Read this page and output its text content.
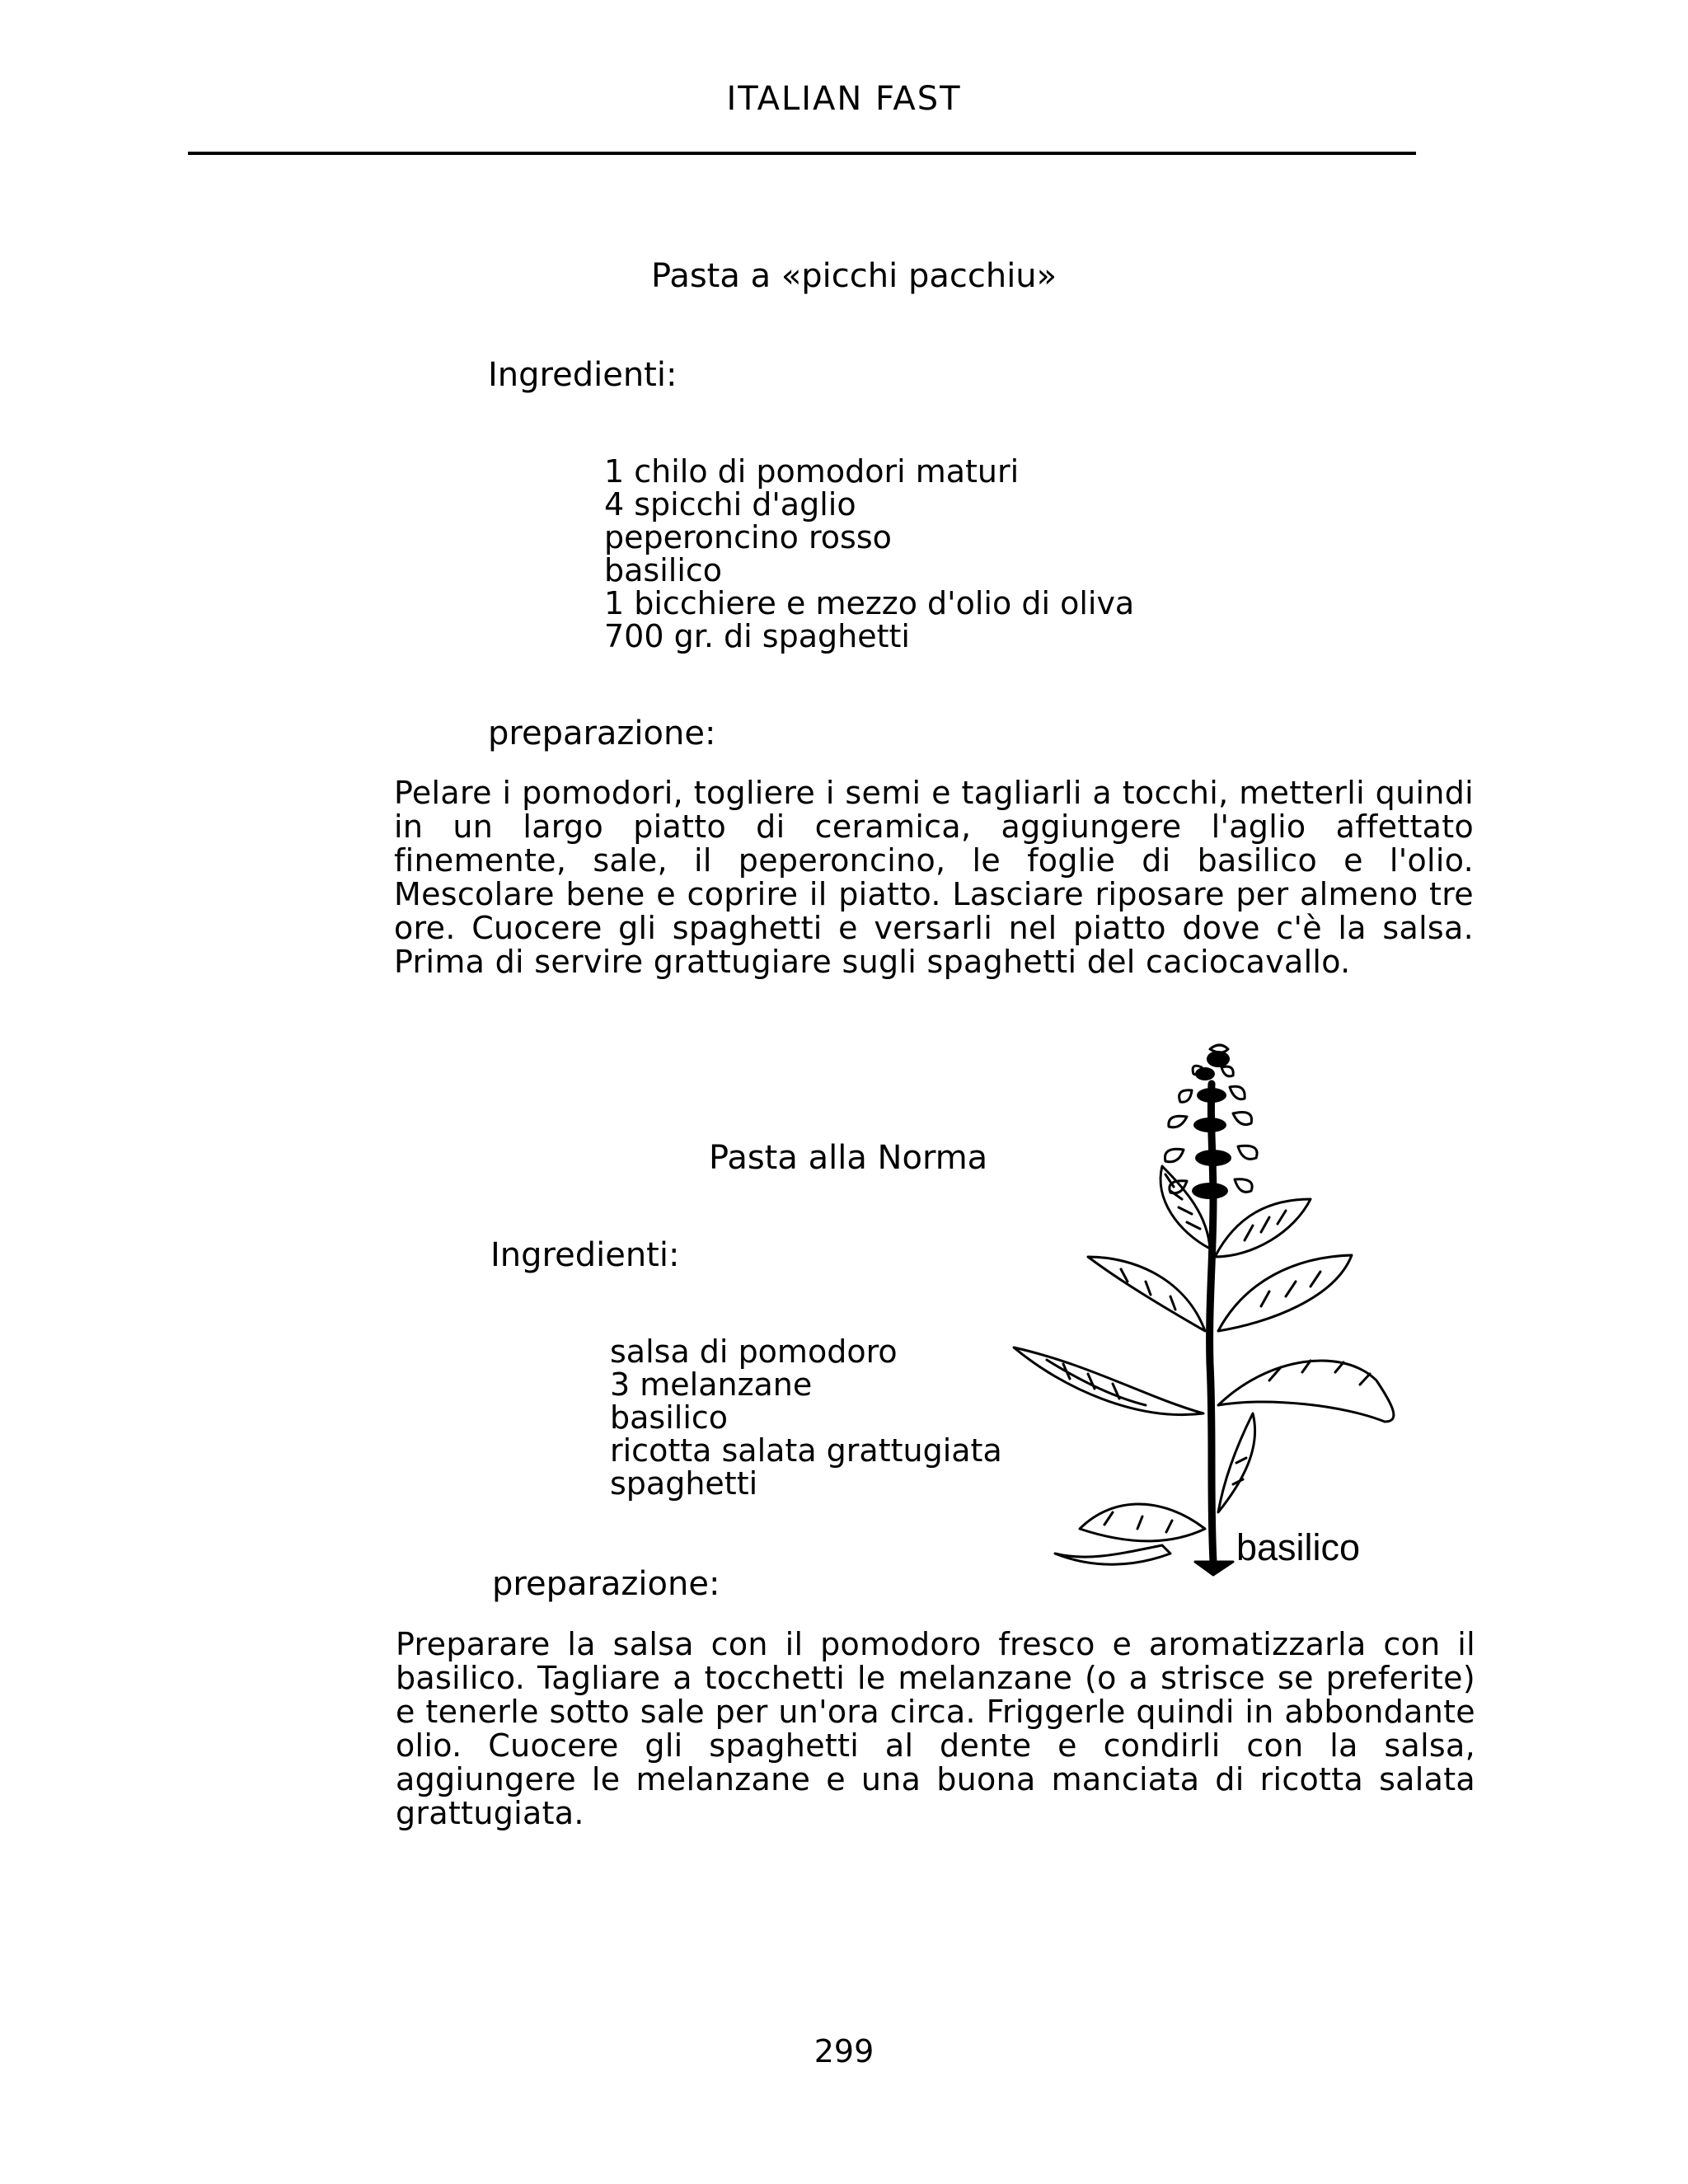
ITALIAN FAST
Pasta a «picchi pacchiu»
Ingredienti:
1 chilo di pomodori maturi
4 spicchi d'aglio
peperoncino rosso
basilico
1 bicchiere e mezzo d'olio di oliva
700 gr. di spaghetti
preparazione:

Pelare i pomodori, togliere i semi e tagliarli a tocchi, metterli quindi in un largo piatto di ceramica, aggiungere l'aglio affettato finemente, sale, il peperoncino, le foglie di basilico e l'olio. Mescolare bene e coprire il piatto. Lasciare riposare per almeno tre ore. Cuocere gli spaghetti e versarli nel piatto dove c'è la salsa. Prima di servire grattugiare sugli spaghetti del caciocavallo.

Pasta alla Norma
Ingredienti:
salsa di pomodoro
3 melanzane
basilico
ricotta salata grattugiata
spaghetti
basilico
preparazione:

Preparare la salsa con il pomodoro fresco e aromatizzarla con il basilico. Tagliare a tocchetti le melanzane (o a strisce se preferite) e tenerle sotto sale per un'ora circa. Friggerle quindi in abbondante olio. Cuocere gli spaghetti al dente e condirli con la salsa, aggiungere le melanzane e una buona manciata di ricotta salata grattugiata.

299
